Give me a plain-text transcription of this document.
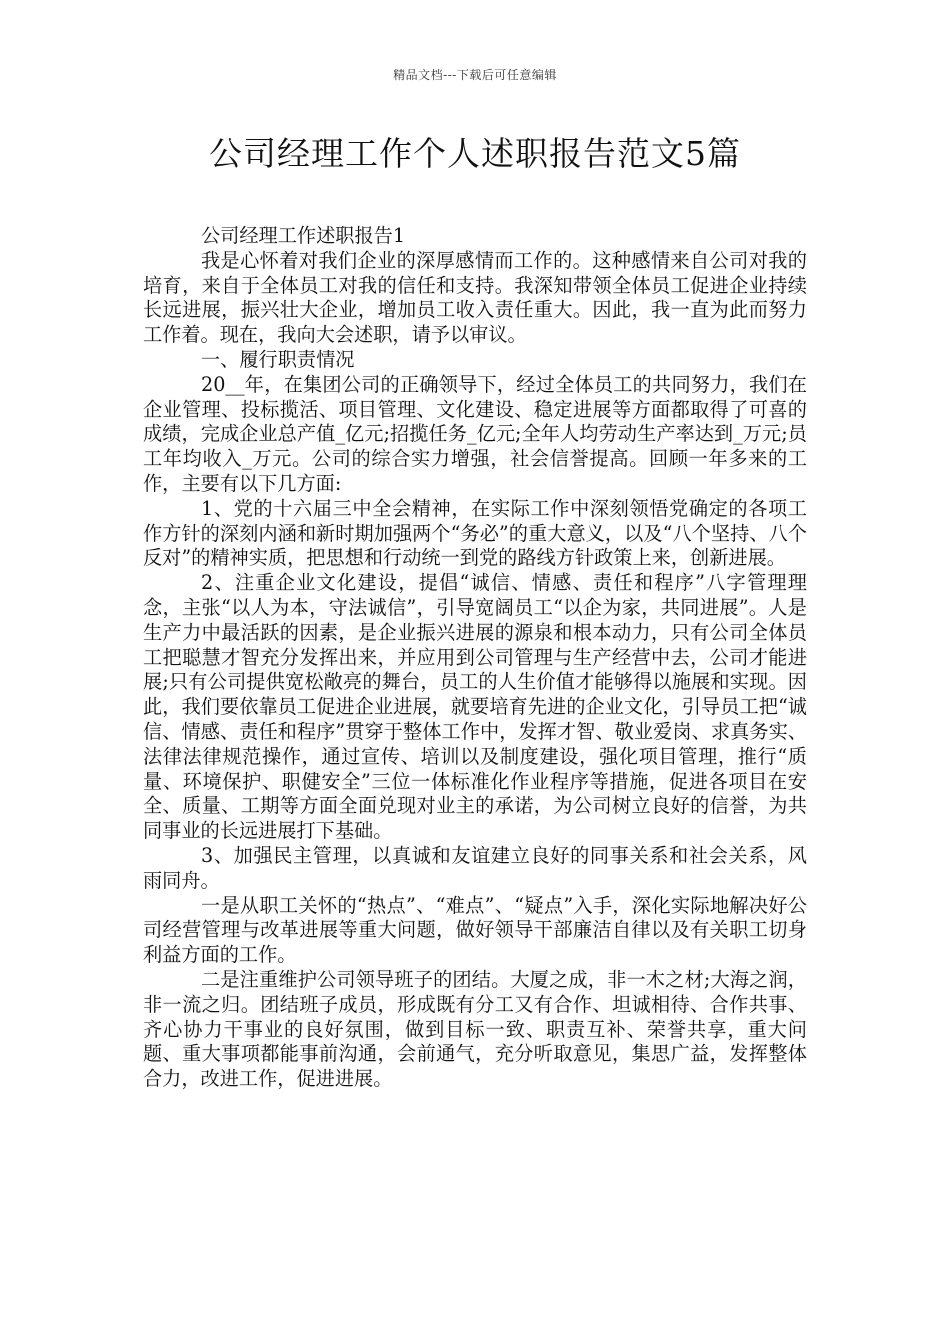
精品文档---下载后可任意编辑
公司经理工作个人述职报告范文5篇

公司经理工作述职报告1

我是心怀着对我们企业的深厚感情而工作的。这种感情来自公司对我的培育，来自于全体员工对我的信任和支持。我深知带领全体员工促进企业持续长远进展，振兴壮大企业，增加员工收入责任重大。因此，我一直为此而努力工作着。现在，我向大会述职，请予以审议。

一、履行职责情况

20__年，在集团公司的正确领导下，经过全体员工的共同努力，我们在企业管理、投标揽活、项目管理、文化建设、稳定进展等方面都取得了可喜的成绩，完成企业总产值_亿元;招揽任务_亿元;全年人均劳动生产率达到_万元;员工年均收入_万元。公司的综合实力增强，社会信誉提高。回顾一年多来的工作，主要有以下几方面:

1、党的十六届三中全会精神，在实际工作中深刻领悟党确定的各项工作方针的深刻内涵和新时期加强两个“务必”的重大意义，以及“八个坚持、八个反对”的精神实质，把思想和行动统一到党的路线方针政策上来，创新进展。

2、注重企业文化建设，提倡“诚信、情感、责任和程序”八字管理理念，主张“以人为本，守法诚信”，引导宽阔员工“以企为家，共同进展”。人是生产力中最活跃的因素，是企业振兴进展的源泉和根本动力，只有公司全体员工把聪慧才智充分发挥出来，并应用到公司管理与生产经营中去，公司才能进展;只有公司提供宽松敞亮的舞台，员工的人生价值才能够得以施展和实现。因此，我们要依靠员工促进企业进展，就要培育先进的企业文化，引导员工把“诚信、情感、责任和程序”贯穿于整体工作中，发挥才智、敬业爱岗、求真务实、法律法律规范操作，通过宣传、培训以及制度建设，强化项目管理，推行“质量、环境保护、职健安全”三位一体标准化作业程序等措施，促进各项目在安全、质量、工期等方面全面兑现对业主的承诺，为公司树立良好的信誉，为共同事业的长远进展打下基础。

3、加强民主管理，以真诚和友谊建立良好的同事关系和社会关系，风雨同舟。

一是从职工关怀的“热点”、“难点”、“疑点”入手，深化实际地解决好公司经营管理与改革进展等重大问题，做好领导干部廉洁自律以及有关职工切身利益方面的工作。

二是注重维护公司领导班子的团结。大厦之成，非一木之材;大海之润，非一流之归。团结班子成员，形成既有分工又有合作、坦诚相待、合作共事、齐心协力干事业的良好氛围，做到目标一致、职责互补、荣誉共享，重大问题、重大事项都能事前沟通，会前通气，充分听取意见，集思广益，发挥整体合力，改进工作，促进进展。
